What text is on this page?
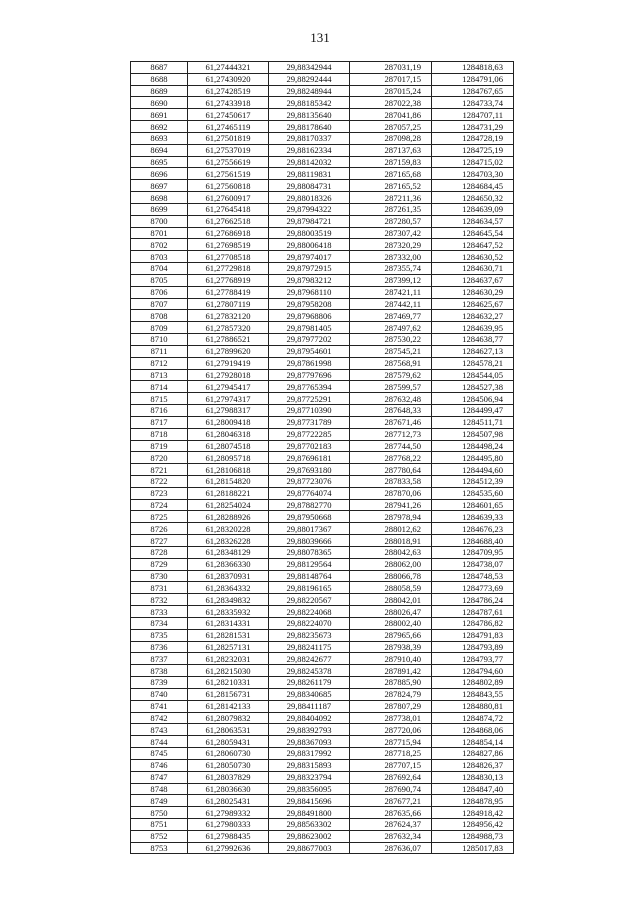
131
8687	61,27444321	29,88342944	287031,19	1284818,63
8688	61,27430920	29,88292444	287017,15	1284791,06
8689	61,27428519	29,88248944	287015,24	1284767,65
8690	61,27433918	29,88185342	287022,38	1284733,74
8691	61,27450617	29,88135640	287041,86	1284707,11
8692	61,27465119	29,88178640	287057,25	1284731,29
8693	61,27501819	29,88170337	287098,28	1284728,19
8694	61,27537019	29,88162334	287137,63	1284725,19
8695	61,27556619	29,88142032	287159,83	1284715,02
8696	61,27561519	29,88119831	287165,68	1284703,30
8697	61,27560818	29,88084731	287165,52	1284684,45
8698	61,27600917	29,88018326	287211,36	1284650,32
8699	61,27645418	29,87994322	287261,35	1284639,09
8700	61,27662518	29,87984721	287280,57	1284634,57
8701	61,27686918	29,88003519	287307,42	1284645,54
8702	61,27698519	29,88006418	287320,29	1284647,52
8703	61,27708518	29,87974017	287332,00	1284630,52
8704	61,27729818	29,87972915	287355,74	1284630,71
8705	61,27768919	29,87983212	287399,12	1284637,67
8706	61,27788419	29,87968110	287421,11	1284630,29
8707	61,27807119	29,87958208	287442,11	1284625,67
8708	61,27832120	29,87968806	287469,77	1284632,27
8709	61,27857320	29,87981405	287497,62	1284639,95
8710	61,27886521	29,87977202	287530,22	1284638,77
8711	61,27899620	29,87954601	287545,21	1284627,13
8712	61,27919419	29,87861998	287568,91	1284578,21
8713	61,27928018	29,87797696	287579,62	1284544,05
8714	61,27945417	29,87765394	287599,57	1284527,38
8715	61,27974317	29,87725291	287632,48	1284506,94
8716	61,27988317	29,87710390	287648,33	1284499,47
8717	61,28009418	29,87731789	287671,46	1284511,71
8718	61,28046318	29,87722285	287712,73	1284507,98
8719	61,28074518	29,87702183	287744,50	1284498,24
8720	61,28095718	29,87696181	287768,22	1284495,80
8721	61,28106818	29,87693180	287780,64	1284494,60
8722	61,28154820	29,87723076	287833,58	1284512,39
8723	61,28188221	29,87764074	287870,06	1284535,60
8724	61,28254024	29,87882770	287941,26	1284601,65
8725	61,28288926	29,87950668	287978,94	1284639,33
8726	61,28320228	29,88017367	288012,62	1284676,23
8727	61,28326228	29,88039666	288018,91	1284688,40
8728	61,28348129	29,88078365	288042,63	1284709,95
8729	61,28366330	29,88129564	288062,00	1284738,07
8730	61,28370931	29,88148764	288066,78	1284748,53
8731	61,28364332	29,88196165	288058,59	1284773,69
8732	61,28349832	29,88220567	288042,01	1284786,24
8733	61,28335932	29,88224068	288026,47	1284787,61
8734	61,28314331	29,88224070	288002,40	1284786,82
8735	61,28281531	29,88235673	287965,66	1284791,83
8736	61,28257131	29,88241175	287938,39	1284793,89
8737	61,28232031	29,88242677	287910,40	1284793,77
8738	61,28215030	29,88245378	287891,42	1284794,60
8739	61,28210331	29,88261179	287885,90	1284802,89
8740	61,28156731	29,88340685	287824,79	1284843,55
8741	61,28142133	29,88411187	287807,29	1284880,81
8742	61,28079832	29,88404092	287738,01	1284874,72
8743	61,28063531	29,88392793	287720,06	1284868,06
8744	61,28059431	29,88367093	287715,94	1284854,14
8745	61,28060730	29,88317992	287718,25	1284827,86
8746	61,28050730	29,88315893	287707,15	1284826,37
8747	61,28037829	29,88323794	287692,64	1284830,13
8748	61,28036630	29,88356095	287690,74	1284847,40
8749	61,28025431	29,88415696	287677,21	1284878,95
8750	61,27989332	29,88491800	287635,66	1284918,42
8751	61,27980333	29,88563302	287624,37	1284956,42
8752	61,27988435	29,88623002	287632,34	1284988,73
8753	61,27992636	29,88677003	287636,07	1285017,83
